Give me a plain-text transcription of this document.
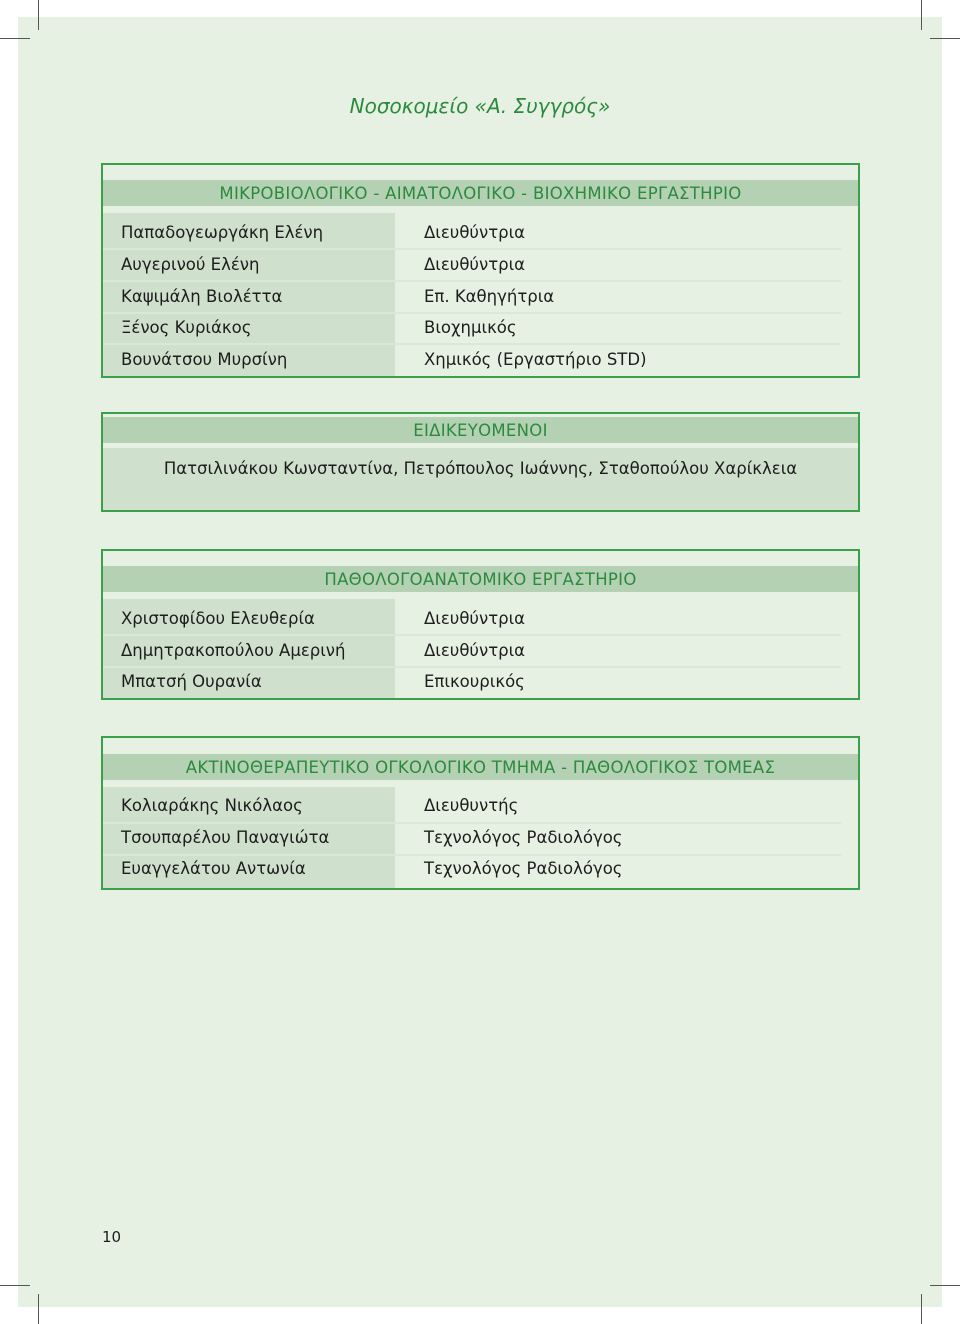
Νοσοκομείο «Α. Συγγρός»
ΜΙΚΡΟΒΙΟΛΟΓΙΚΟ - ΑΙΜΑΤΟΛΟΓΙΚΟ - ΒΙΟΧΗΜΙΚΟ ΕΡΓΑΣΤΗΡΙΟ
Παπαδογεωργάκη Ελένη	Διευθύντρια
Αυγερινού Ελένη	Διευθύντρια
Καψιμάλη Βιολέττα	Επ. Καθηγήτρια
Ξένος Κυριάκος	Βιοχημικός
Βουνάτσου Μυρσίνη	Χημικός (Εργαστήριο STD)
ΕΙΔΙΚΕΥΟΜΕΝΟΙ
Πατσιλινάκου Κωνσταντίνα, Πετρόπουλος Ιωάννης, Σταθοπούλου Χαρίκλεια
ΠΑΘΟΛΟΓΟΑΝΑΤΟΜΙΚΟ ΕΡΓΑΣΤΗΡΙΟ
Χριστοφίδου Ελευθερία	Διευθύντρια
Δημητρακοπούλου Αμερινή	Διευθύντρια
Μπατσή Ουρανία	Επικουρικός
ΑΚΤΙΝΟΘΕΡΑΠΕΥΤΙΚΟ ΟΓΚΟΛΟΓΙΚΟ ΤΜΗΜΑ - ΠΑΘΟΛΟΓΙΚΟΣ ΤΟΜΕΑΣ
Κολιαράκης Νικόλαος	Διευθυντής
Τσουπαρέλου Παναγιώτα	Τεχνολόγος Ραδιολόγος
Ευαγγελάτου Αντωνία	Τεχνολόγος Ραδιολόγος
10
